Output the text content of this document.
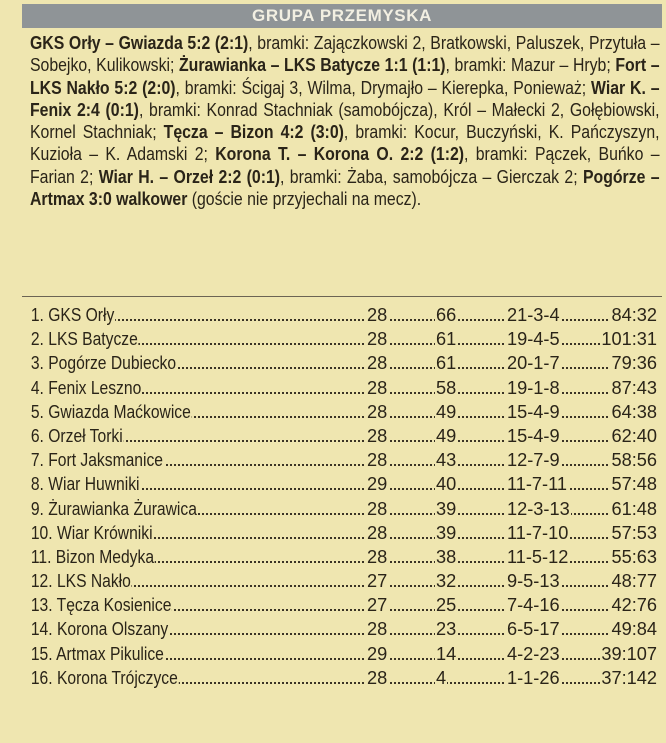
GRUPA PRZEMYSKA
GKS Orły – Gwiazda 5:2 (2:1), bramki: Zajączkowski 2, Bratkowski, Paluszek, Przytuła – Sobejko, Kulikowski; Żurawianka – LKS Batycze 1:1 (1:1), bramki: Mazur – Hryb; Fort – LKS Nakło 5:2 (2:0), bramki: Ścigaj 3, Wilma, Drymajło – Kierepka, Ponieważ; Wiar K. – Fenix 2:4 (0:1), bramki: Konrad Stachniak (samobójcza), Król – Małecki 2, Gołębiowski, Kornel Stachniak; Tęcza – Bizon 4:2 (3:0), bramki: Kocur, Buczyński, K. Pańczyszyn, Kuzioła – K. Adamski 2; Korona T. – Korona O. 2:2 (1:2), bramki: Pączek, Buńko – Farian 2; Wiar H. – Orzeł 2:2 (0:1), bramki: Żaba, samobójcza – Gierczak 2; Pogórze – Artmax 3:0 walkower (goście nie przyjechali na mecz).
1. GKS Orły	28	66	21-3-4	84:32
2. LKS Batycze	28	61	19-4-5 101:31
3. Pogórze Dubiecko	28	61	20-1-7	79:36
4. Fenix Leszno	28	58	19-1-8	87:43
5. Gwiazda Maćkowice	28	49	15-4-9	64:38
6. Orzeł Torki	28	49	15-4-9	62:40
7. Fort Jaksmanice	28	43	12-7-9	58:56
8. Wiar Huwniki	29	40	11-7-11 57:48
9. Żurawianka Żurawica	28	39	12-3-13 61:48
10. Wiar Krówniki	28	39	11-7-10 57:53
11. Bizon Medyka	28	38	11-5-12 55:63
12. LKS Nakło	27	32	9-5-13	48:77
13. Tęcza Kosienice	27	25	7-4-16	42:76
14. Korona Olszany	28	23	6-5-17	49:84
15. Artmax Pikulice	29	14	4-2-23 39:107
16. Korona Trójczyce	28	4	1-1-26 37:142
